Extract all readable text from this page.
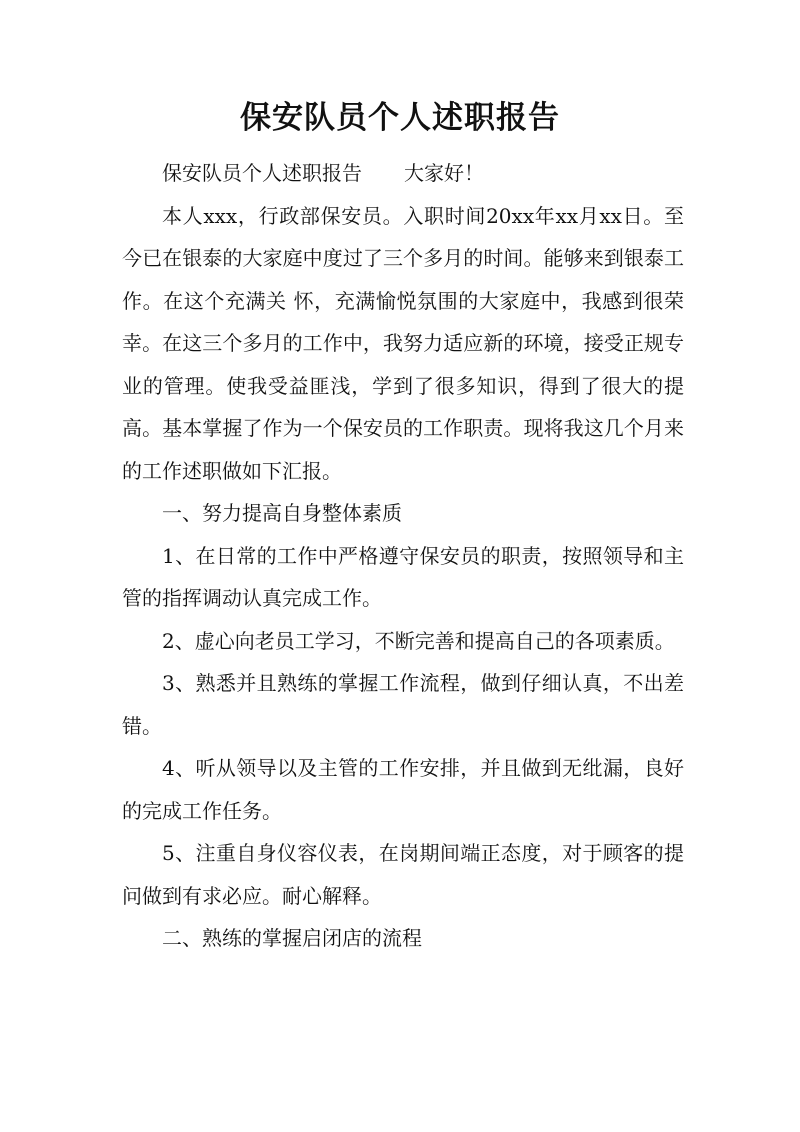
保安队员个人述职报告

保安队员个人述职报告 大家好！

本人xxx，行政部保安员。入职时间20xx年xx月xx日。至今已在银泰的大家庭中度过了三个多月的时间。能够来到银泰工作。在这个充满关 怀，充满愉悦氛围的大家庭中，我感到很荣幸。在这三个多月的工作中，我努力适应新的环境，接受正规专业的管理。使我受益匪浅，学到了很多知识，得到了很大的提高。基本掌握了作为一个保安员的工作职责。现将我这几个月来的工作述职做如下汇报。

一、努力提高自身整体素质

1、在日常的工作中严格遵守保安员的职责，按照领导和主管的指挥调动认真完成工作。

2、虚心向老员工学习，不断完善和提高自己的各项素质。

3、熟悉并且熟练的掌握工作流程，做到仔细认真，不出差错。

4、听从领导以及主管的工作安排，并且做到无纰漏，良好的完成工作任务。

5、注重自身仪容仪表，在岗期间端正态度，对于顾客的提问做到有求必应。耐心解释。

二、熟练的掌握启闭店的流程
